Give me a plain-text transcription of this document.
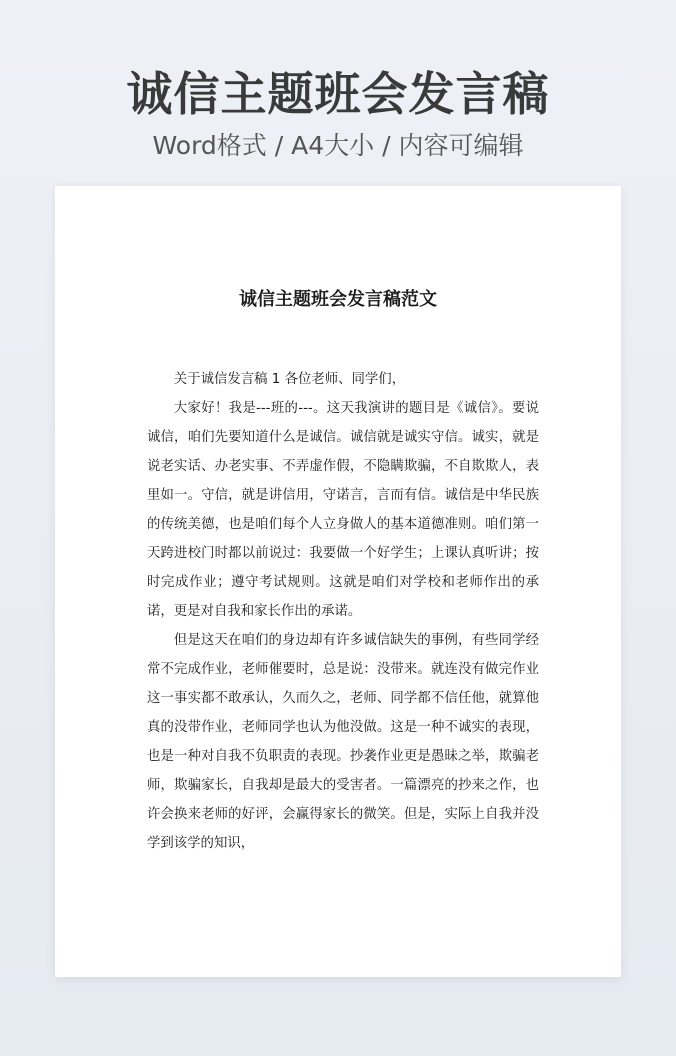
诚信主题班会发言稿
Word格式 / A4大小 / 内容可编辑
诚信主题班会发言稿范文

关于诚信发言稿 1 各位老师、同学们，

大家好！我是---班的---。这天我演讲的题目是《诚信》。要说诚信，咱们先要知道什么是诚信。诚信就是诚实守信。诚实，就是说老实话、办老实事、不弄虚作假，不隐瞒欺骗，不自欺欺人，表里如一。守信，就是讲信用，守诺言，言而有信。诚信是中华民族的传统美德，也是咱们每个人立身做人的基本道德准则。咱们第一天跨进校门时都以前说过：我要做一个好学生；上课认真听讲；按时完成作业；遵守考试规则。这就是咱们对学校和老师作出的承诺，更是对自我和家长作出的承诺。

但是这天在咱们的身边却有许多诚信缺失的事例，有些同学经常不完成作业，老师催要时，总是说：没带来。就连没有做完作业这一事实都不敢承认，久而久之，老师、同学都不信任他，就算他真的没带作业，老师同学也认为他没做。这是一种不诚实的表现，也是一种对自我不负职责的表现。抄袭作业更是愚昧之举，欺骗老师，欺骗家长，自我却是最大的受害者。一篇漂亮的抄来之作，也许会换来老师的好评，会赢得家长的微笑。但是，实际上自我并没学到该学的知识，
